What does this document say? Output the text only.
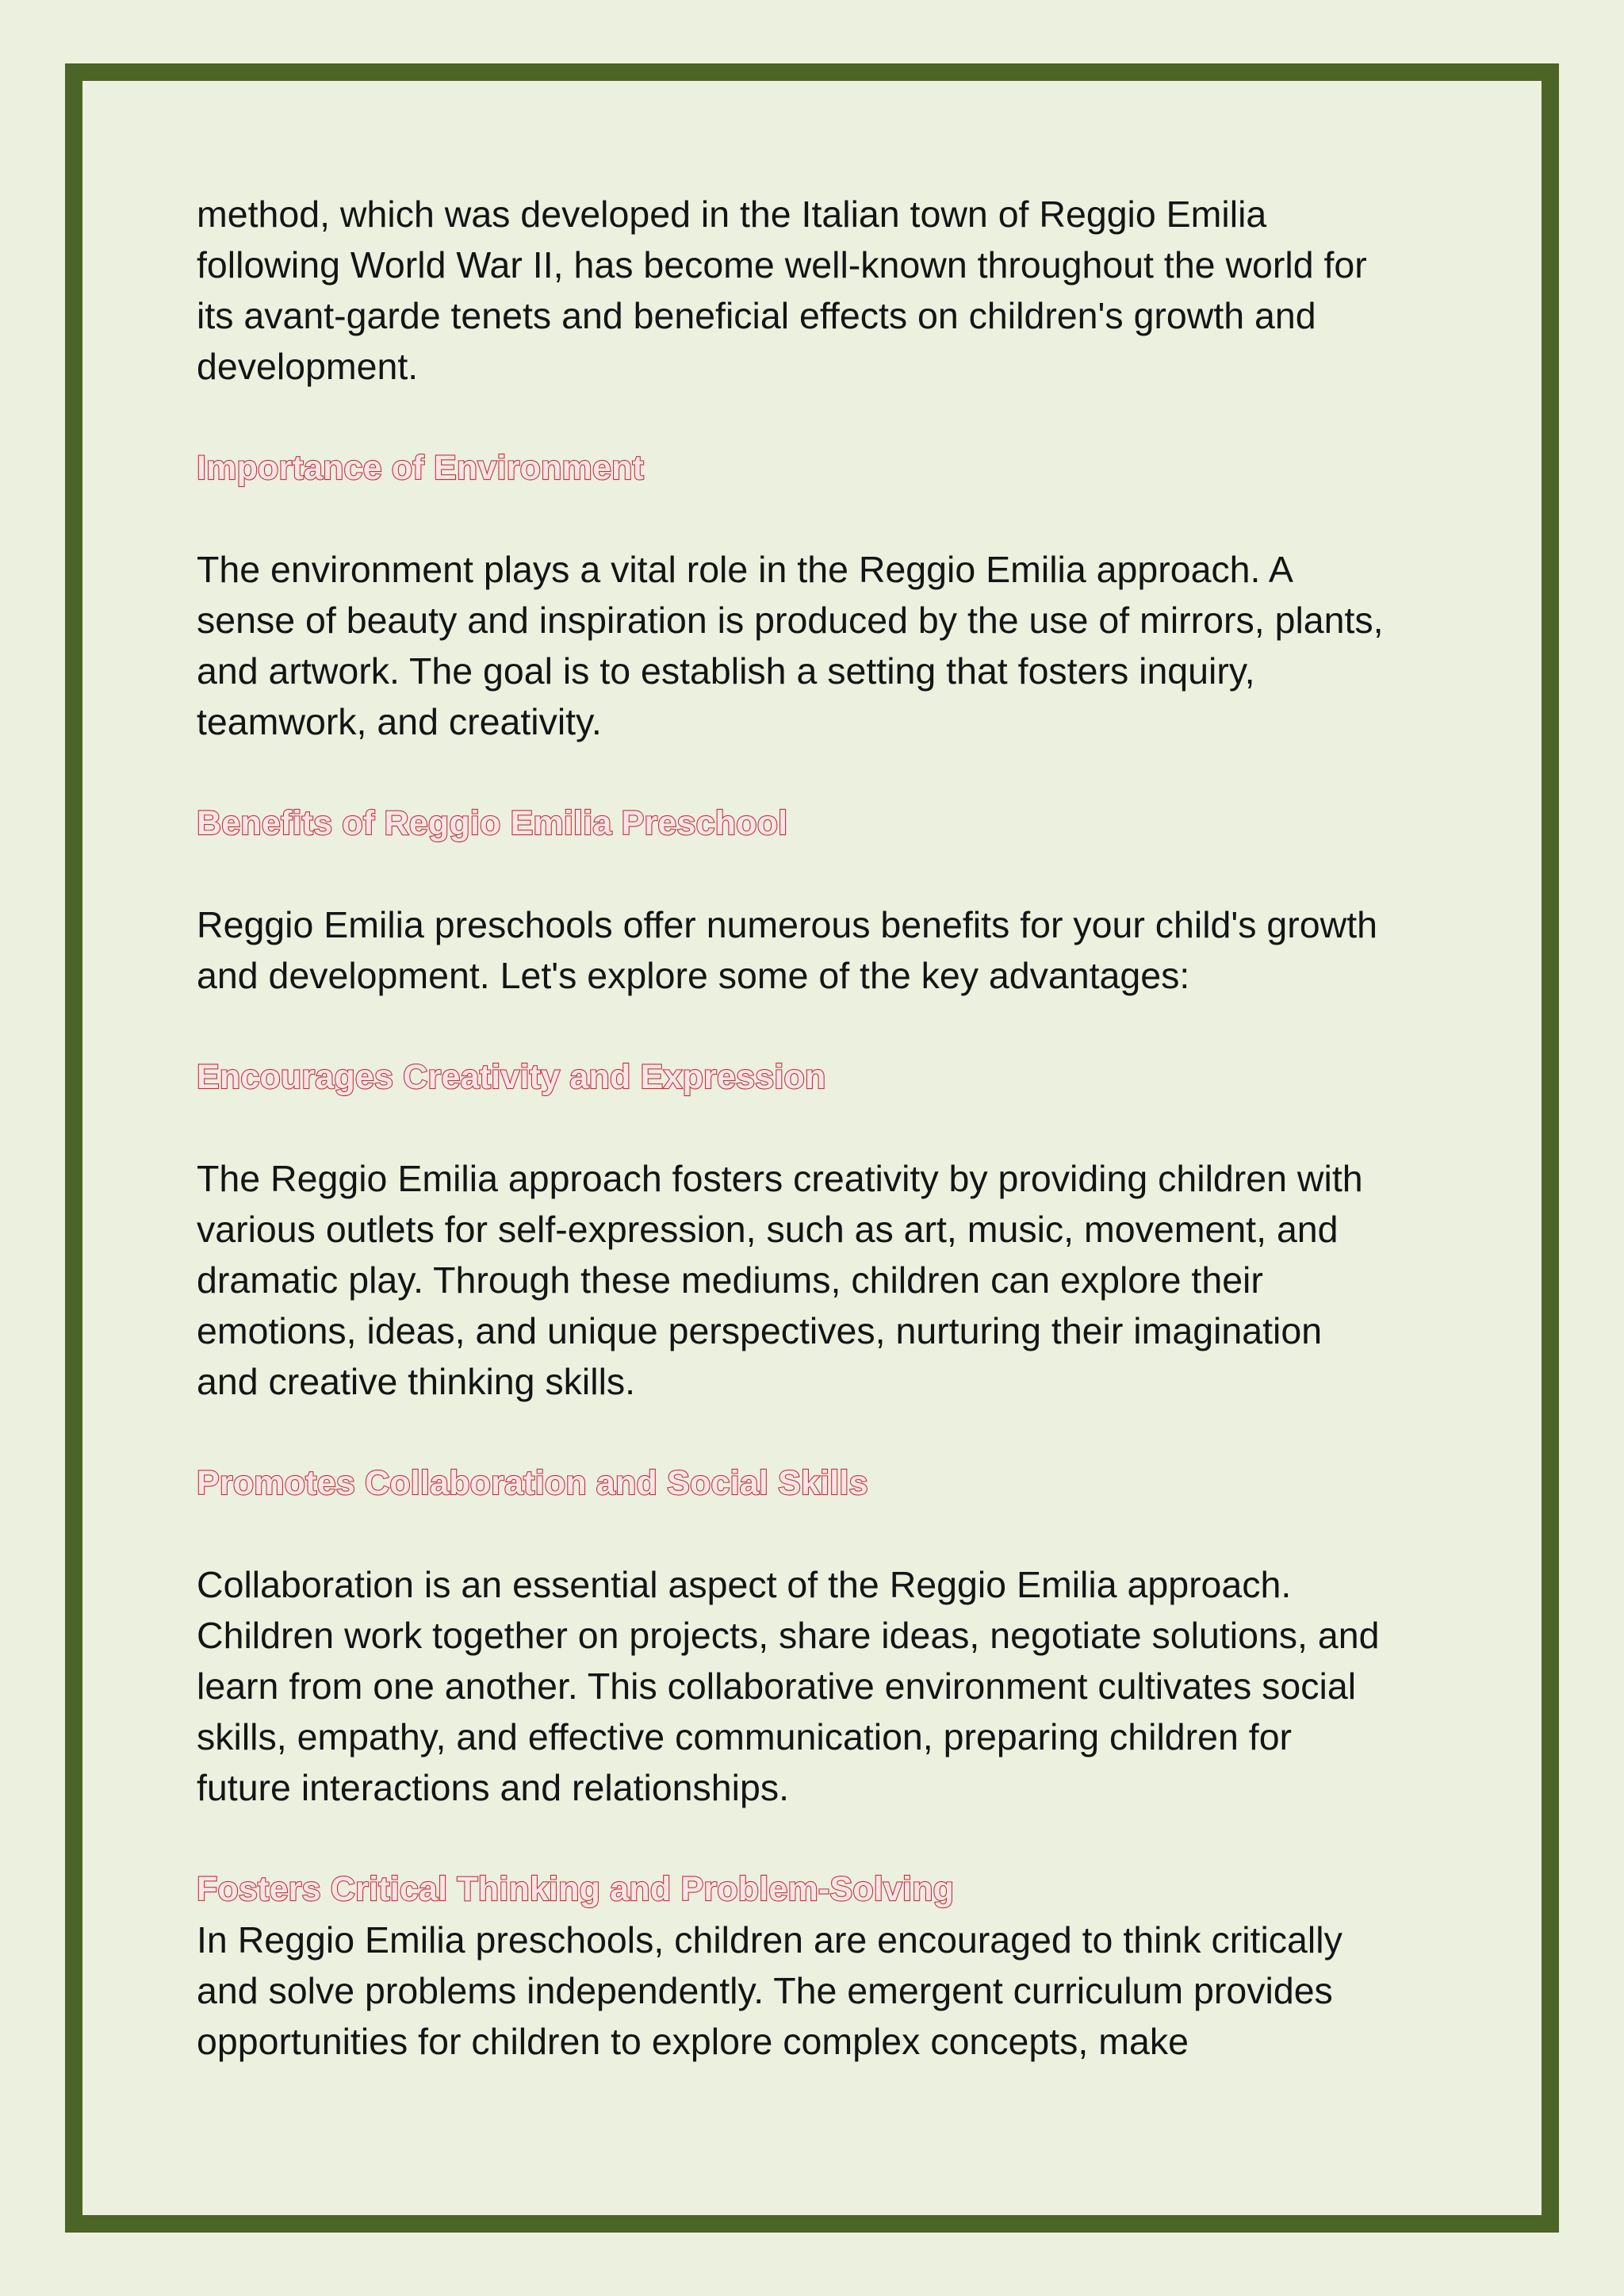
method, which was developed in the Italian town of Reggio Emilia
following World War II, has become well-known throughout the world for
its avant-garde tenets and beneficial effects on children's growth and
development.

Importance of Environment

The environment plays a vital role in the Reggio Emilia approach. A
sense of beauty and inspiration is produced by the use of mirrors, plants,
and artwork. The goal is to establish a setting that fosters inquiry,
teamwork, and creativity.

Benefits of Reggio Emilia Preschool

Reggio Emilia preschools offer numerous benefits for your child's growth
and development. Let's explore some of the key advantages:

Encourages Creativity and Expression

The Reggio Emilia approach fosters creativity by providing children with
various outlets for self-expression, such as art, music, movement, and
dramatic play. Through these mediums, children can explore their
emotions, ideas, and unique perspectives, nurturing their imagination
and creative thinking skills.

Promotes Collaboration and Social Skills

Collaboration is an essential aspect of the Reggio Emilia approach.
Children work together on projects, share ideas, negotiate solutions, and
learn from one another. This collaborative environment cultivates social
skills, empathy, and effective communication, preparing children for
future interactions and relationships.

Fosters Critical Thinking and Problem-Solving

In Reggio Emilia preschools, children are encouraged to think critically
and solve problems independently. The emergent curriculum provides
opportunities for children to explore complex concepts, make
